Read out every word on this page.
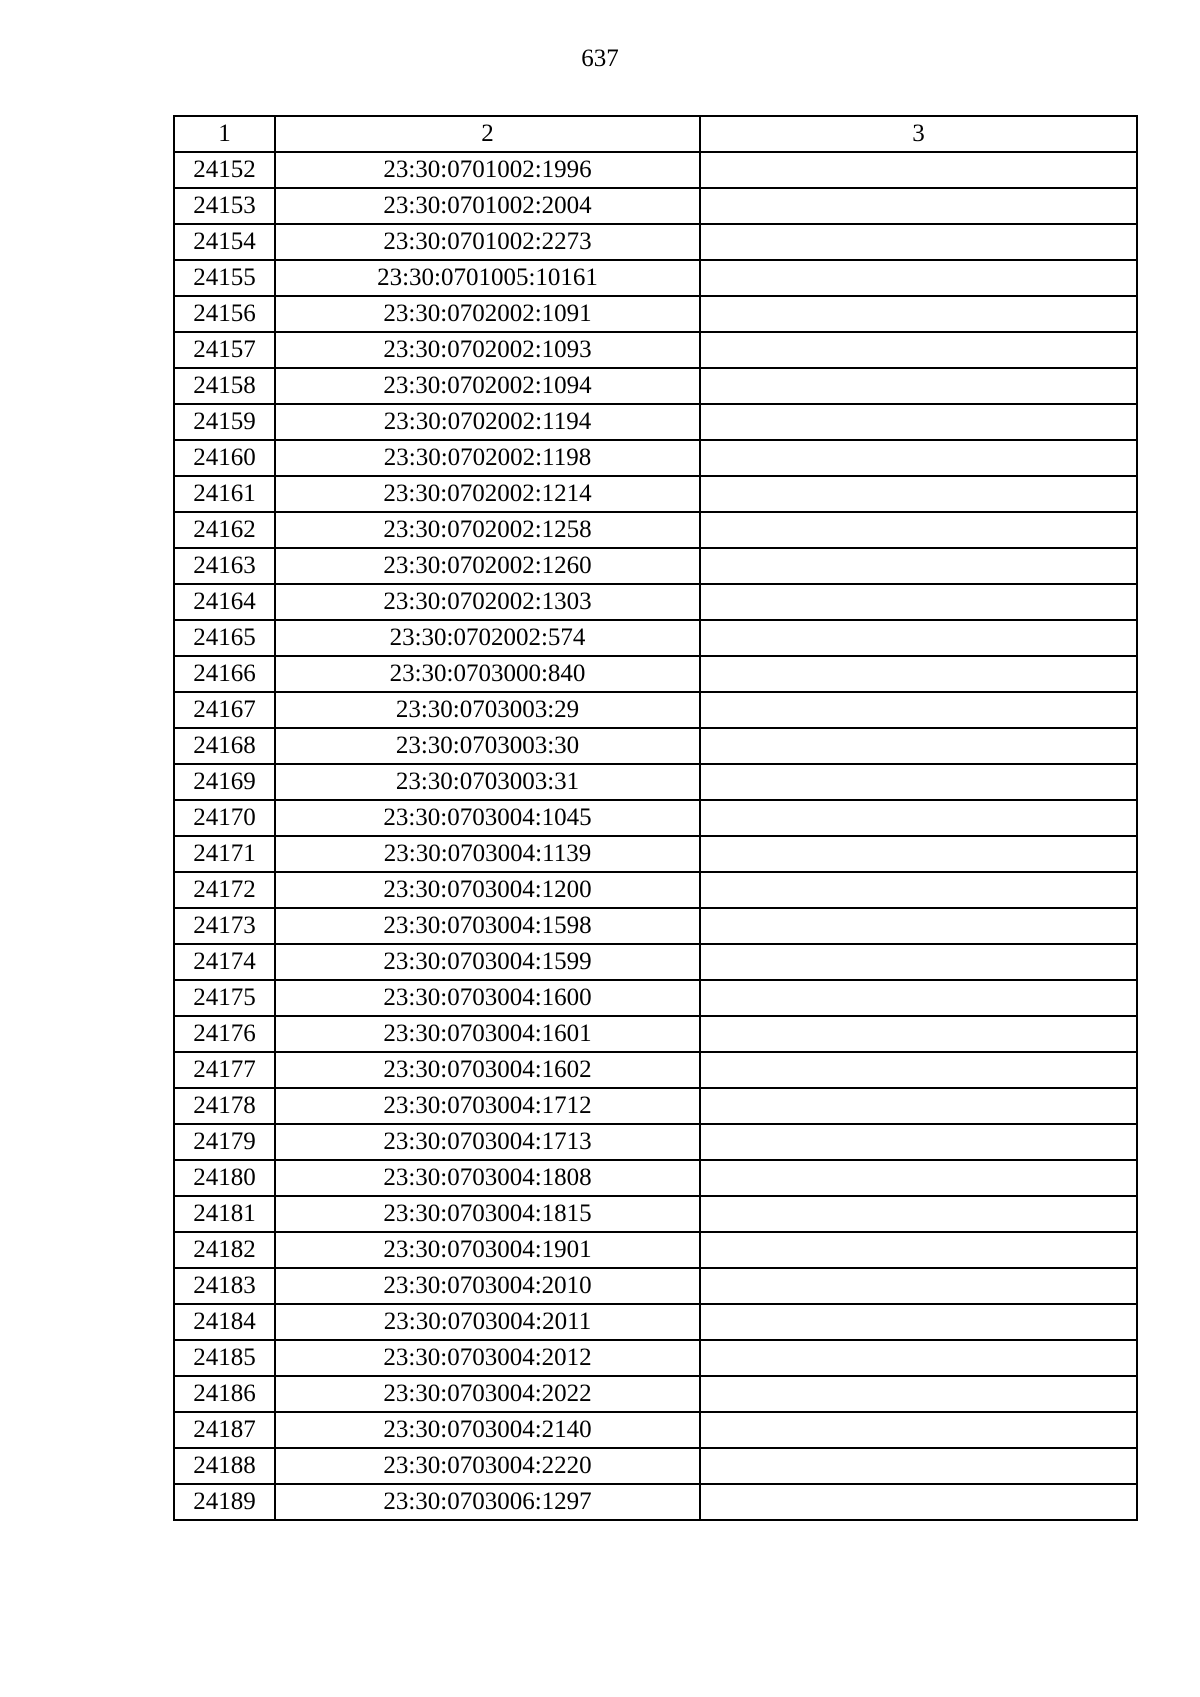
637
1	2	3
24152	23:30:0701002:1996	
24153	23:30:0701002:2004	
24154	23:30:0701002:2273	
24155	23:30:0701005:10161	
24156	23:30:0702002:1091	
24157	23:30:0702002:1093	
24158	23:30:0702002:1094	
24159	23:30:0702002:1194	
24160	23:30:0702002:1198	
24161	23:30:0702002:1214	
24162	23:30:0702002:1258	
24163	23:30:0702002:1260	
24164	23:30:0702002:1303	
24165	23:30:0702002:574	
24166	23:30:0703000:840	
24167	23:30:0703003:29	
24168	23:30:0703003:30	
24169	23:30:0703003:31	
24170	23:30:0703004:1045	
24171	23:30:0703004:1139	
24172	23:30:0703004:1200	
24173	23:30:0703004:1598	
24174	23:30:0703004:1599	
24175	23:30:0703004:1600	
24176	23:30:0703004:1601	
24177	23:30:0703004:1602	
24178	23:30:0703004:1712	
24179	23:30:0703004:1713	
24180	23:30:0703004:1808	
24181	23:30:0703004:1815	
24182	23:30:0703004:1901	
24183	23:30:0703004:2010	
24184	23:30:0703004:2011	
24185	23:30:0703004:2012	
24186	23:30:0703004:2022	
24187	23:30:0703004:2140	
24188	23:30:0703004:2220	
24189	23:30:0703006:1297	
